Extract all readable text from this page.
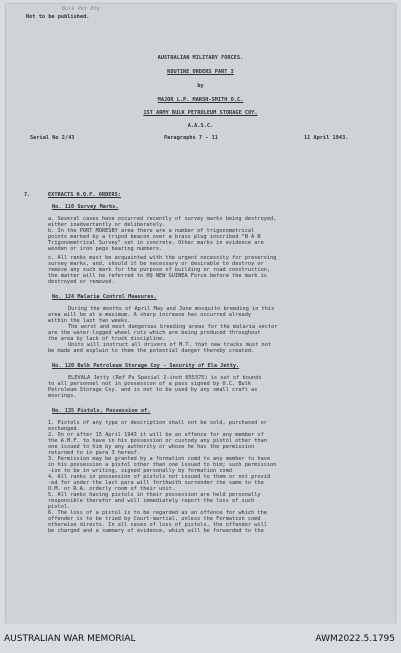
Not to be published.
Bulk Pet Bty
AUSTRALIAN MILITARY FORCES.
ROUTINE ORDERS PART I
by
MAJOR L.P. MARSH-SMITH O.C.
1ST ARMY BULK PETROLEUM STORAGE COY.
A.A.S.C.
Serial No 2/43	Paragraphs 7 - 11	11 April 1943.
7.	EXTRACTS H.Q.F. ORDERS:
No. 110 Survey Marks.
a. Several cases have occurred recently of survey marks being destroyed,
either inadvertently or deliberately.
b. In the PORT MORESBY area there are a number of trigonometrical
points marked by a tripod beacon over a brass plug inscribed "N A N
Trigonometrical Survey" set in concrete. Other marks in evidence are
wooden or iron pegs bearing numbers.
c. All ranks must be acquainted with the urgent necessity for preserving
survey marks, and, should it be necessary or desirable to destroy or
remove any such mark for the purpose of building or road construction,
the matter will be referred to HQ NEW GUINEA Force before the mark is
destroyed or removed.
No. 124 Malaria Control Measures.
During the months of April May and June mosquito breeding in this
area will be at a maximum. A sharp increase has occurred already
within the last two weeks.
The worst and most dangerous breeding areas for the malaria vector
are the water-logged wheel ruts which are being produced throughout
the area by lack of truck discipline.
Units will instruct all drivers of M.T. that new tracks must not
be made and explain to them the potential danger thereby created.
No. 120 Bulk Petroleum Storage Coy - Security of Ela Jetty.
ELEVALA Jetty (Ref Ps Special 1-inch 055375) is out of bounds
to all personnel not in possession of a pass signed by O.C. Bulk
Petroleum Storage Coy. and is not to be used by any small craft as
moorings.
No. 135 Pistols, Possession of.
1. Pistols of any type or description shall not be sold, purchased or
exchanged.
2. On or after 15 April 1943 it will be an offence for any member of
the A.M.F. to have in his possession or custody any pistol other than
one issued to him by any authority or whose he has the permission
returned to in para 3 hereof.
3. Permission may be granted by a formation comd to any member to have
in his possession a pistol other than one issued to him; such permission
-ion to be in writing, signed personally by formation comd
4. All ranks in possession of pistols not issued to them or not provid
-ed for under the last para will forthwith surrender the same to the
O.M. or R.A. orderly room of their unit.
5. All ranks having pistols in their possession are held personally
responsible therefor and will immediately report the loss of such
pistol.
6. The loss of a pistol is to be regarded as an offence for which the
offender is to be tried by Court-martial, unless the Formation comd
otherwise directs. In all cases of loss of pistols, the offender will
be charged and a summary of evidence, which will be forwarded to the
AUSTRALIAN WAR MEMORIAL	AWM2022.5.1795
